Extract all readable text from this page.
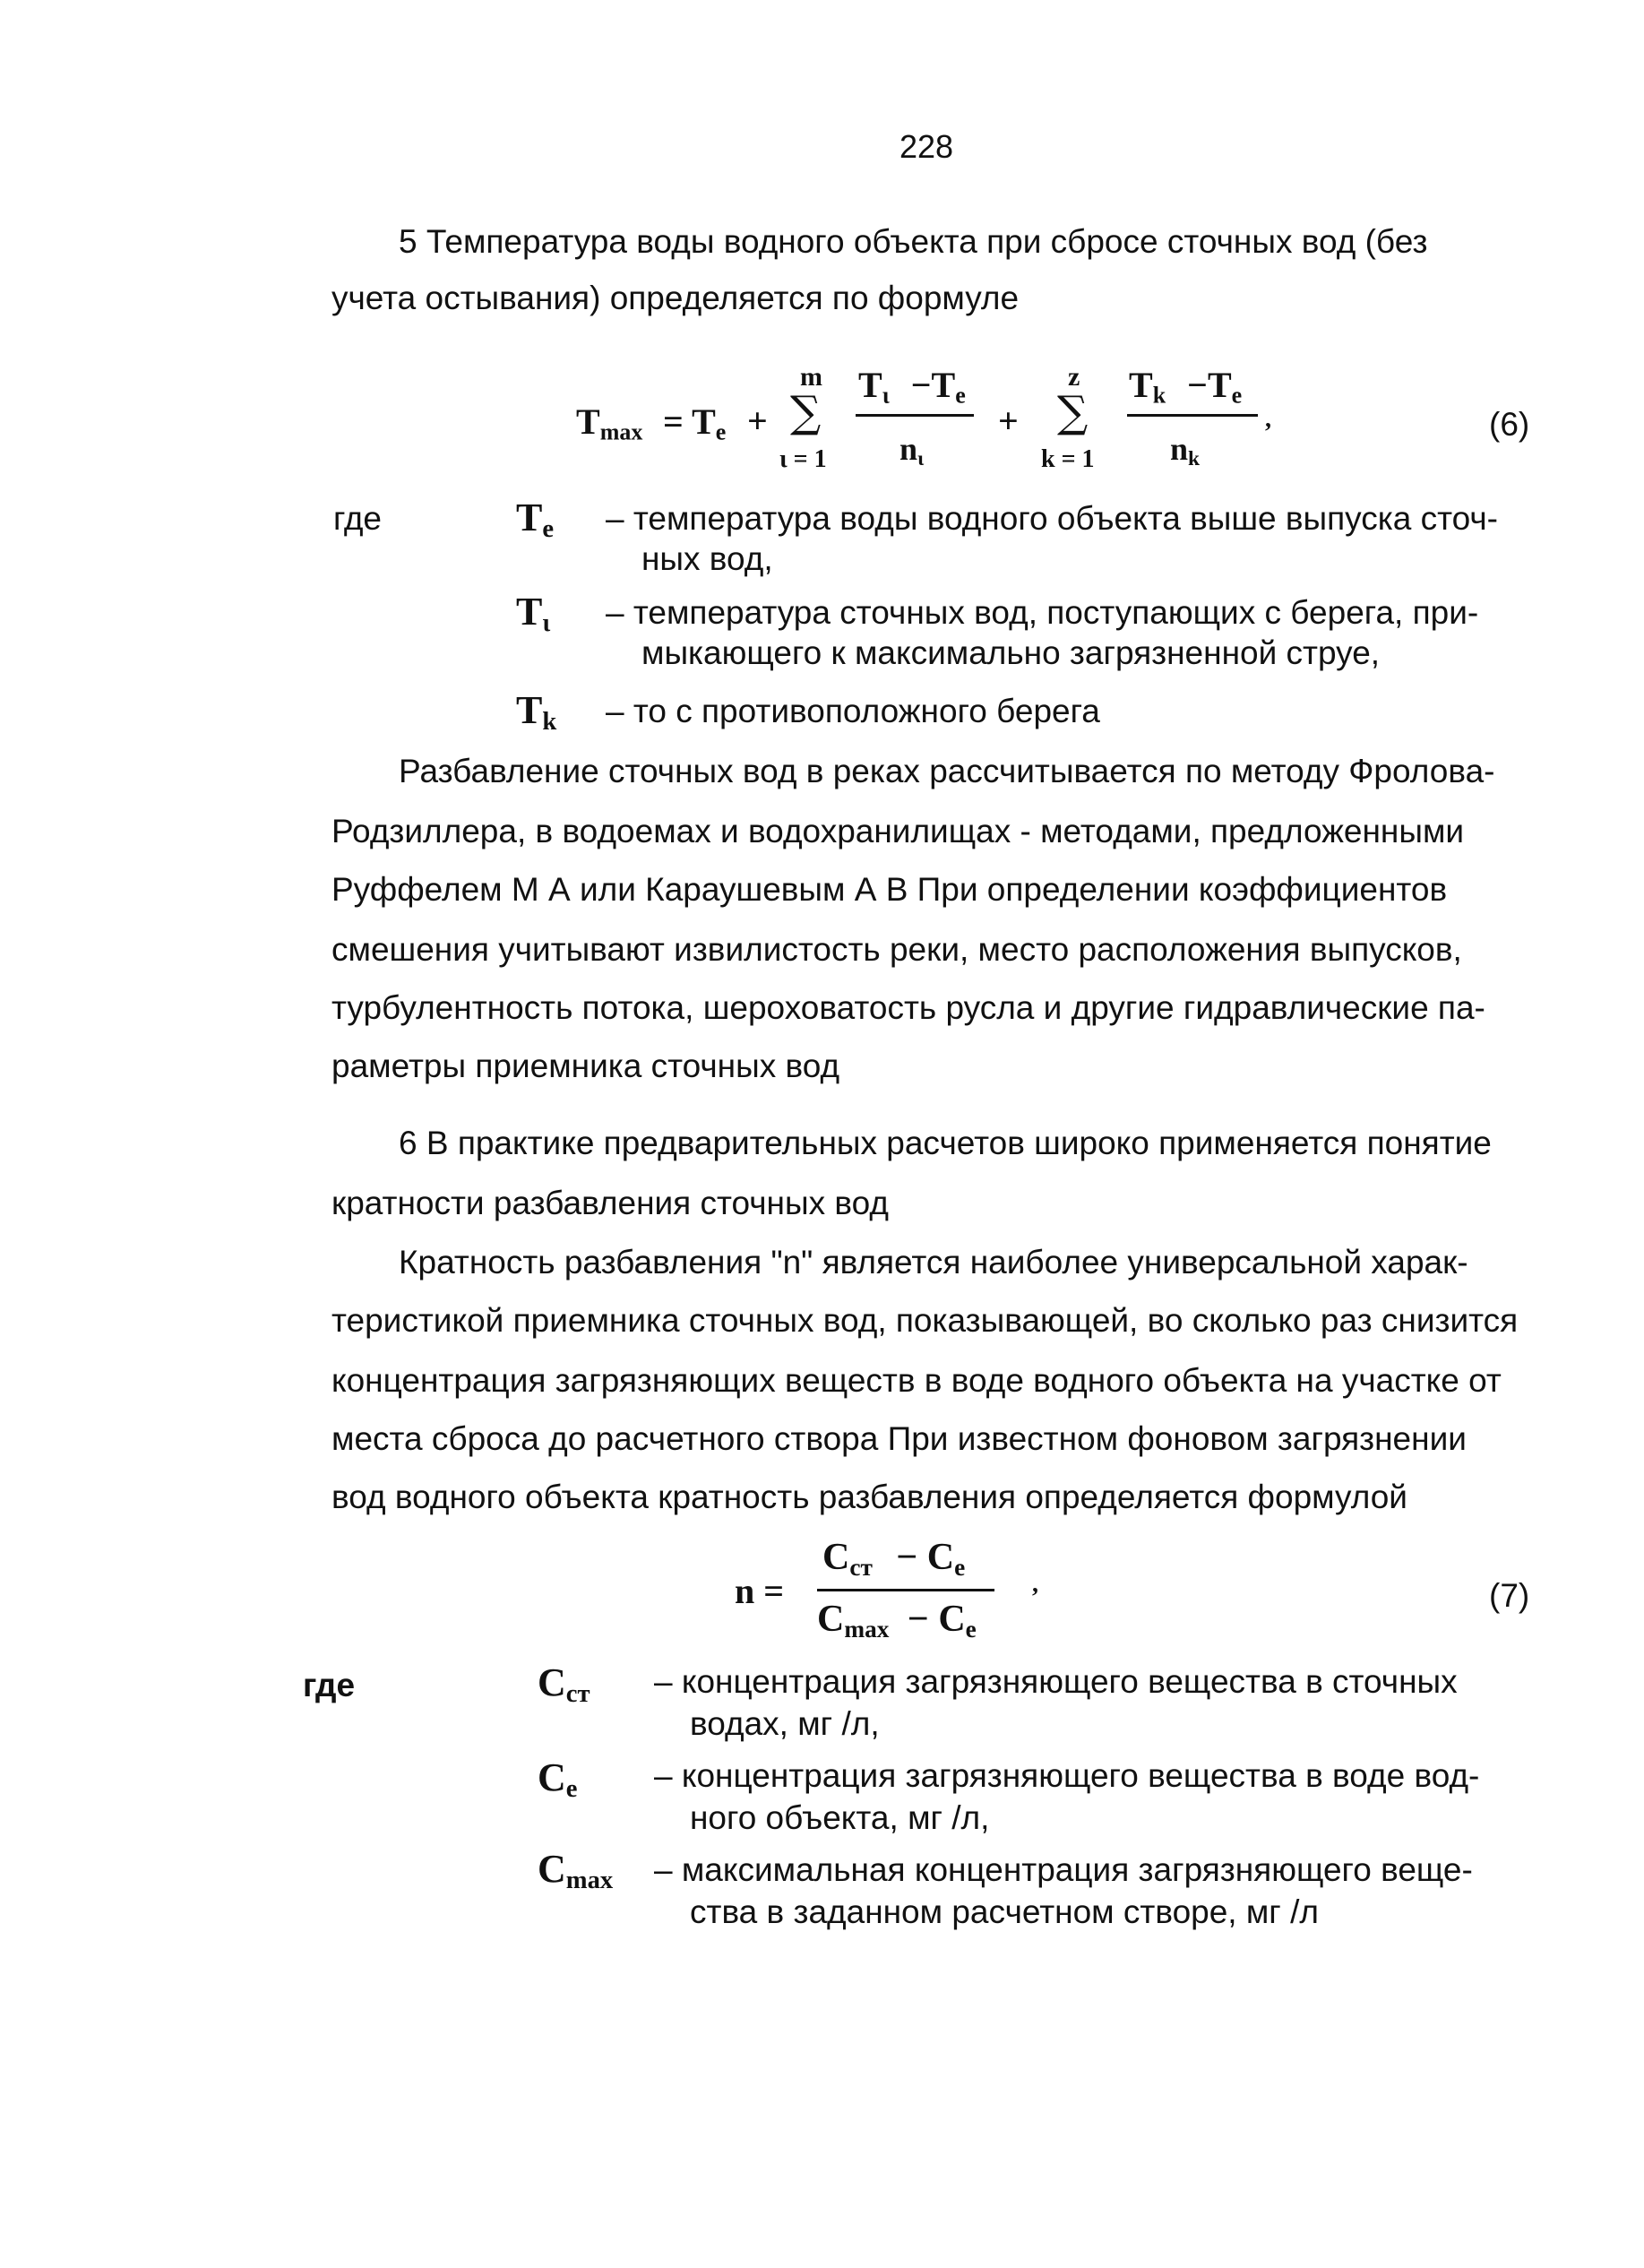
228
5 Температура воды водного объекта при сбросе сточных вод (без
учета остывания) определяется по формуле
$T_{max} = T_e$ +
m
∑
ι = 1
$T_\iota -T_e$
$n_\iota$
+
z
∑
k = 1
$T_k -T_e$
$n_k$
,	(6)
где	$T_e$ – температура воды водного объекта выше выпуска сточ-
ных вод,
$T_\iota$ – температура сточных вод, поступающих с берега, при-
мыкающего к максимально загрязненной струе,
$T_k$ – то с противоположного берега
Разбавление сточных вод в реках рассчитывается по методу Фролова-
Родзиллера, в водоемах и водохранилищах - методами, предложенными
Руффелем М А или Караушевым А В При определении коэффициентов
смешения учитывают извилистость реки, место расположения выпусков,
турбулентность потока, шероховатость русла и другие гидравлические па-
раметры приемника сточных вод
6 В практике предварительных расчетов широко применяется понятие
кратности разбавления сточных вод
Кратность разбавления "n" является наиболее универсальной харак-
теристикой приемника сточных вод, показывающей, во сколько раз снизится
концентрация загрязняющих веществ в воде водного объекта на участке от
места сброса до расчетного створа При известном фоновом загрязнении
вод водного объекта кратность разбавления определяется формулой
n =
$C_{ст} - C_e$
$C_{max} - C_e$
,	(7)
где	$C_{ст}$ – концентрация загрязняющего вещества в сточных
водах, мг /л,
$C_e$ – концентрация загрязняющего вещества в воде вод-
ного объекта, мг /л,
$C_{max}$ – максимальная концентрация загрязняющего веще-
ства в заданном расчетном створе, мг /л
